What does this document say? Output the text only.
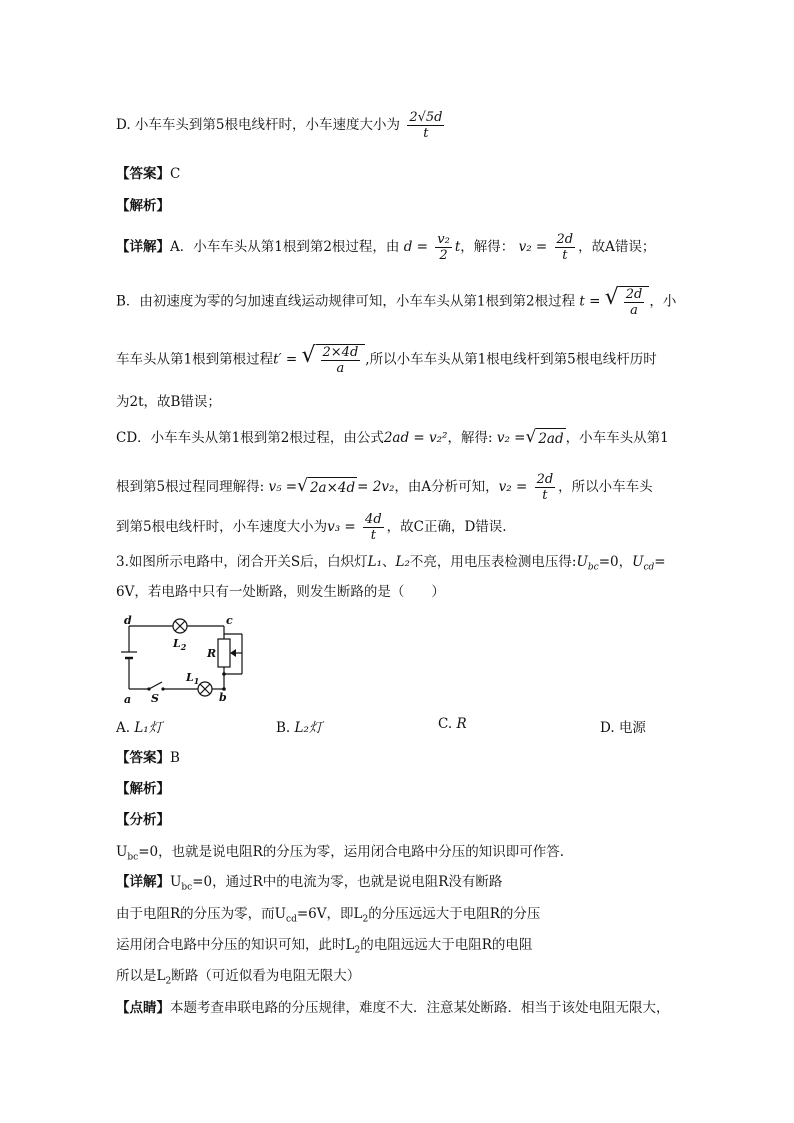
D. 小车车头到第5根电线杆时，小车速度大小为 $\frac{2√5d}{t}$
【答案】C
【解析】
【详解】A．小车车头从第1根到第2根过程，由 $d = \frac{\text{v₂}}{2}$ t，解得： $v_2 = \frac{2d}{t}$ ，故A错误；
B．由初速度为零的匀加速直线运动规律可知，小车车头从第1根到第2根过程 t = √ $\frac{2d}{a}$ ，小
车车头从第1根到第根过程t′ = √ $\frac{2\times 4d}{a}$ ,所以小车车头从第1根电线杆到第5根电线杆历时
为2t，故B错误；
CD．小车车头从第1根到第2根过程，由公式2ad = v₂²，解得: v₂ = √ 2ad ，小车车头从第1
根到第5根过程同理解得: v₅ = √ 2a×4d = 2v₂，由A分析可知，$v_2 = \frac{2d}{t}$ ，所以小车车头
到第5根电线杆时，小车速度大小为$v_3 = \frac{4d}{t}$ ，故C正确，D错误.
3.如图所示电路中，闭合开关S后，白炽灯L₁、L₂不亮，用电压表检测电压得$:U_{bc}=0$，$U_{cd}=$
6V，若电路中只有一处断路，则发生断路的是（　　）
d	c
a	b
S
R
$L_2$
$L_1$
A. L₁灯	B. L₂灯	C. R	D. 电源
【答案】B
【解析】
【分析】
$U_{bc}=0$，也就是说电阻R的分压为零，运用闭合电路中分压的知识即可作答.
【详解】$U_{bc}=0$，通过R中的电流为零，也就是说电阻R没有断路
由于电阻R的分压为零，而$U_{cd}=6V$，即$L_2$的分压远远大于电阻R的分压
运用闭合电路中分压的知识可知，此时$L_2$的电阻远远大于电阻R的电阻
所以是$L_2$断路（可近似看为电阻无限大）
【点睛】本题考查串联电路的分压规律，难度不大．注意某处断路．相当于该处电阻无限大，
